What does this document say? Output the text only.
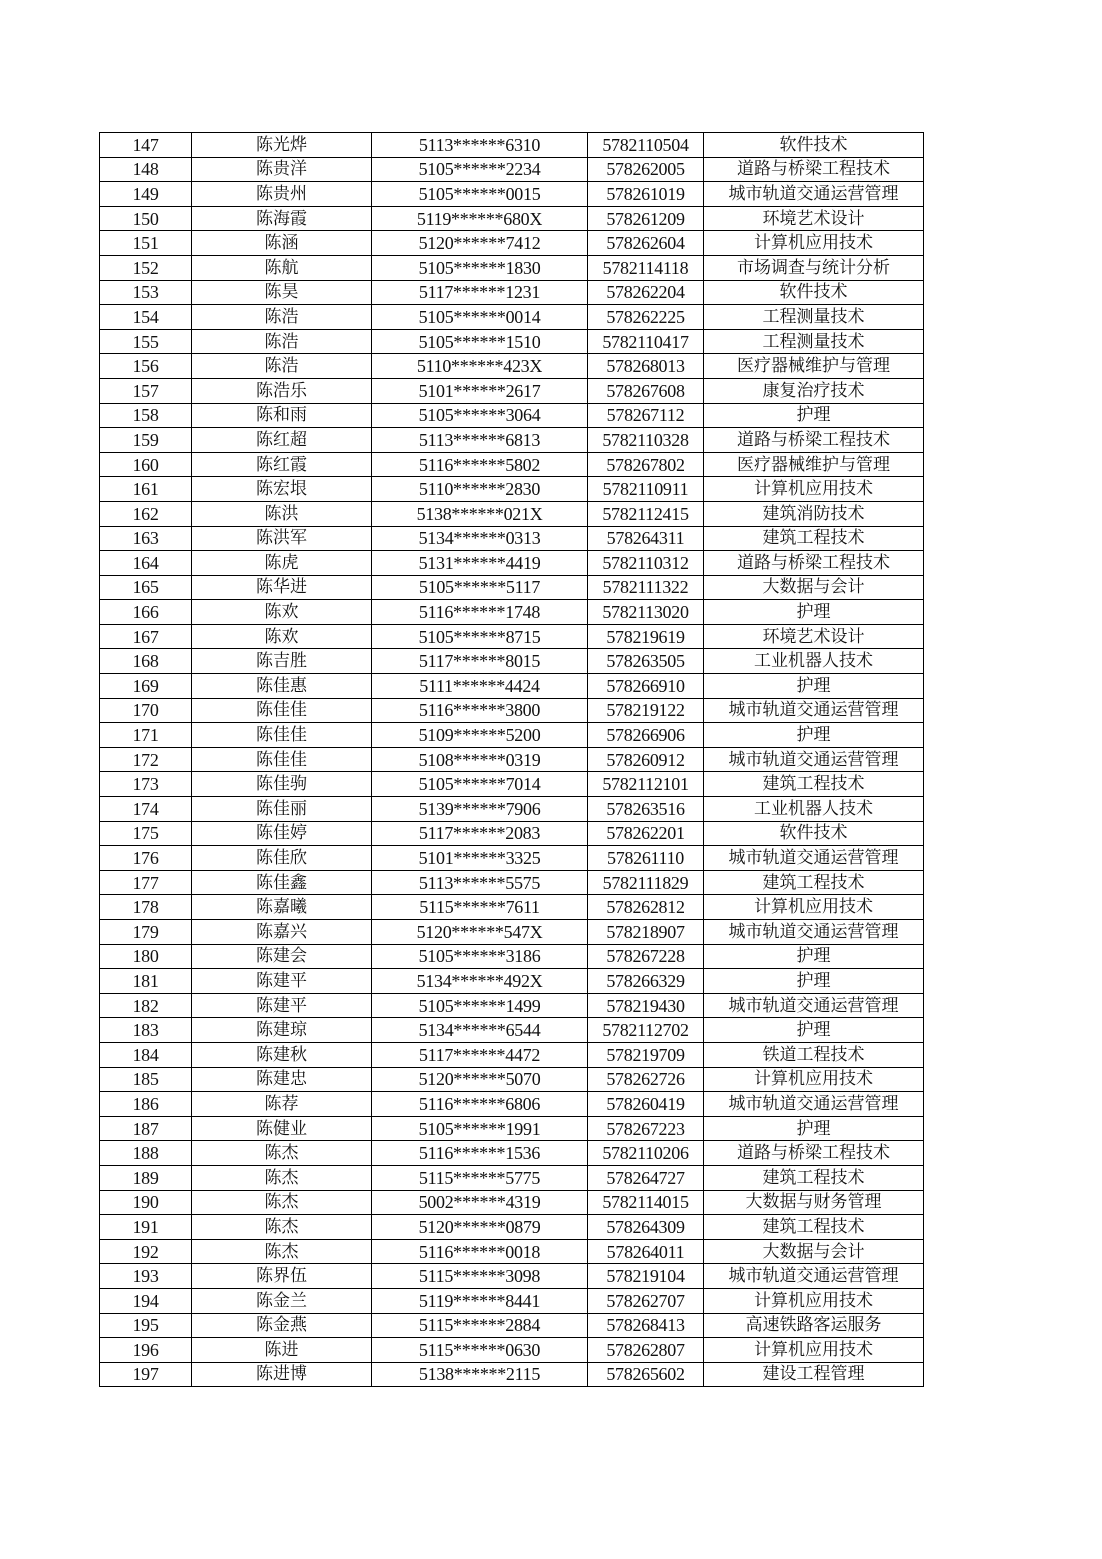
147	陈光烨	5113******6310	5782110504	软件技术
148	陈贵洋	5105******2234	578262005	道路与桥梁工程技术
149	陈贵州	5105******0015	578261019	城市轨道交通运营管理
150	陈海霞	5119******680X	578261209	环境艺术设计
151	陈涵	5120******7412	578262604	计算机应用技术
152	陈航	5105******1830	5782114118	市场调查与统计分析
153	陈昊	5117******1231	578262204	软件技术
154	陈浩	5105******0014	578262225	工程测量技术
155	陈浩	5105******1510	5782110417	工程测量技术
156	陈浩	5110******423X	578268013	医疗器械维护与管理
157	陈浩乐	5101******2617	578267608	康复治疗技术
158	陈和雨	5105******3064	578267112	护理
159	陈红超	5113******6813	5782110328	道路与桥梁工程技术
160	陈红霞	5116******5802	578267802	医疗器械维护与管理
161	陈宏垠	5110******2830	5782110911	计算机应用技术
162	陈洪	5138******021X	5782112415	建筑消防技术
163	陈洪军	5134******0313	578264311	建筑工程技术
164	陈虎	5131******4419	5782110312	道路与桥梁工程技术
165	陈华进	5105******5117	5782111322	大数据与会计
166	陈欢	5116******1748	5782113020	护理
167	陈欢	5105******8715	578219619	环境艺术设计
168	陈吉胜	5117******8015	578263505	工业机器人技术
169	陈佳惠	5111******4424	578266910	护理
170	陈佳佳	5116******3800	578219122	城市轨道交通运营管理
171	陈佳佳	5109******5200	578266906	护理
172	陈佳佳	5108******0319	578260912	城市轨道交通运营管理
173	陈佳驹	5105******7014	5782112101	建筑工程技术
174	陈佳丽	5139******7906	578263516	工业机器人技术
175	陈佳婷	5117******2083	578262201	软件技术
176	陈佳欣	5101******3325	578261110	城市轨道交通运营管理
177	陈佳鑫	5113******5575	5782111829	建筑工程技术
178	陈嘉曦	5115******7611	578262812	计算机应用技术
179	陈嘉兴	5120******547X	578218907	城市轨道交通运营管理
180	陈建会	5105******3186	578267228	护理
181	陈建平	5134******492X	578266329	护理
182	陈建平	5105******1499	578219430	城市轨道交通运营管理
183	陈建琼	5134******6544	5782112702	护理
184	陈建秋	5117******4472	578219709	铁道工程技术
185	陈建忠	5120******5070	578262726	计算机应用技术
186	陈荐	5116******6806	578260419	城市轨道交通运营管理
187	陈健业	5105******1991	578267223	护理
188	陈杰	5116******1536	5782110206	道路与桥梁工程技术
189	陈杰	5115******5775	578264727	建筑工程技术
190	陈杰	5002******4319	5782114015	大数据与财务管理
191	陈杰	5120******0879	578264309	建筑工程技术
192	陈杰	5116******0018	578264011	大数据与会计
193	陈界伍	5115******3098	578219104	城市轨道交通运营管理
194	陈金兰	5119******8441	578262707	计算机应用技术
195	陈金燕	5115******2884	578268413	高速铁路客运服务
196	陈进	5115******0630	578262807	计算机应用技术
197	陈进博	5138******2115	578265602	建设工程管理
